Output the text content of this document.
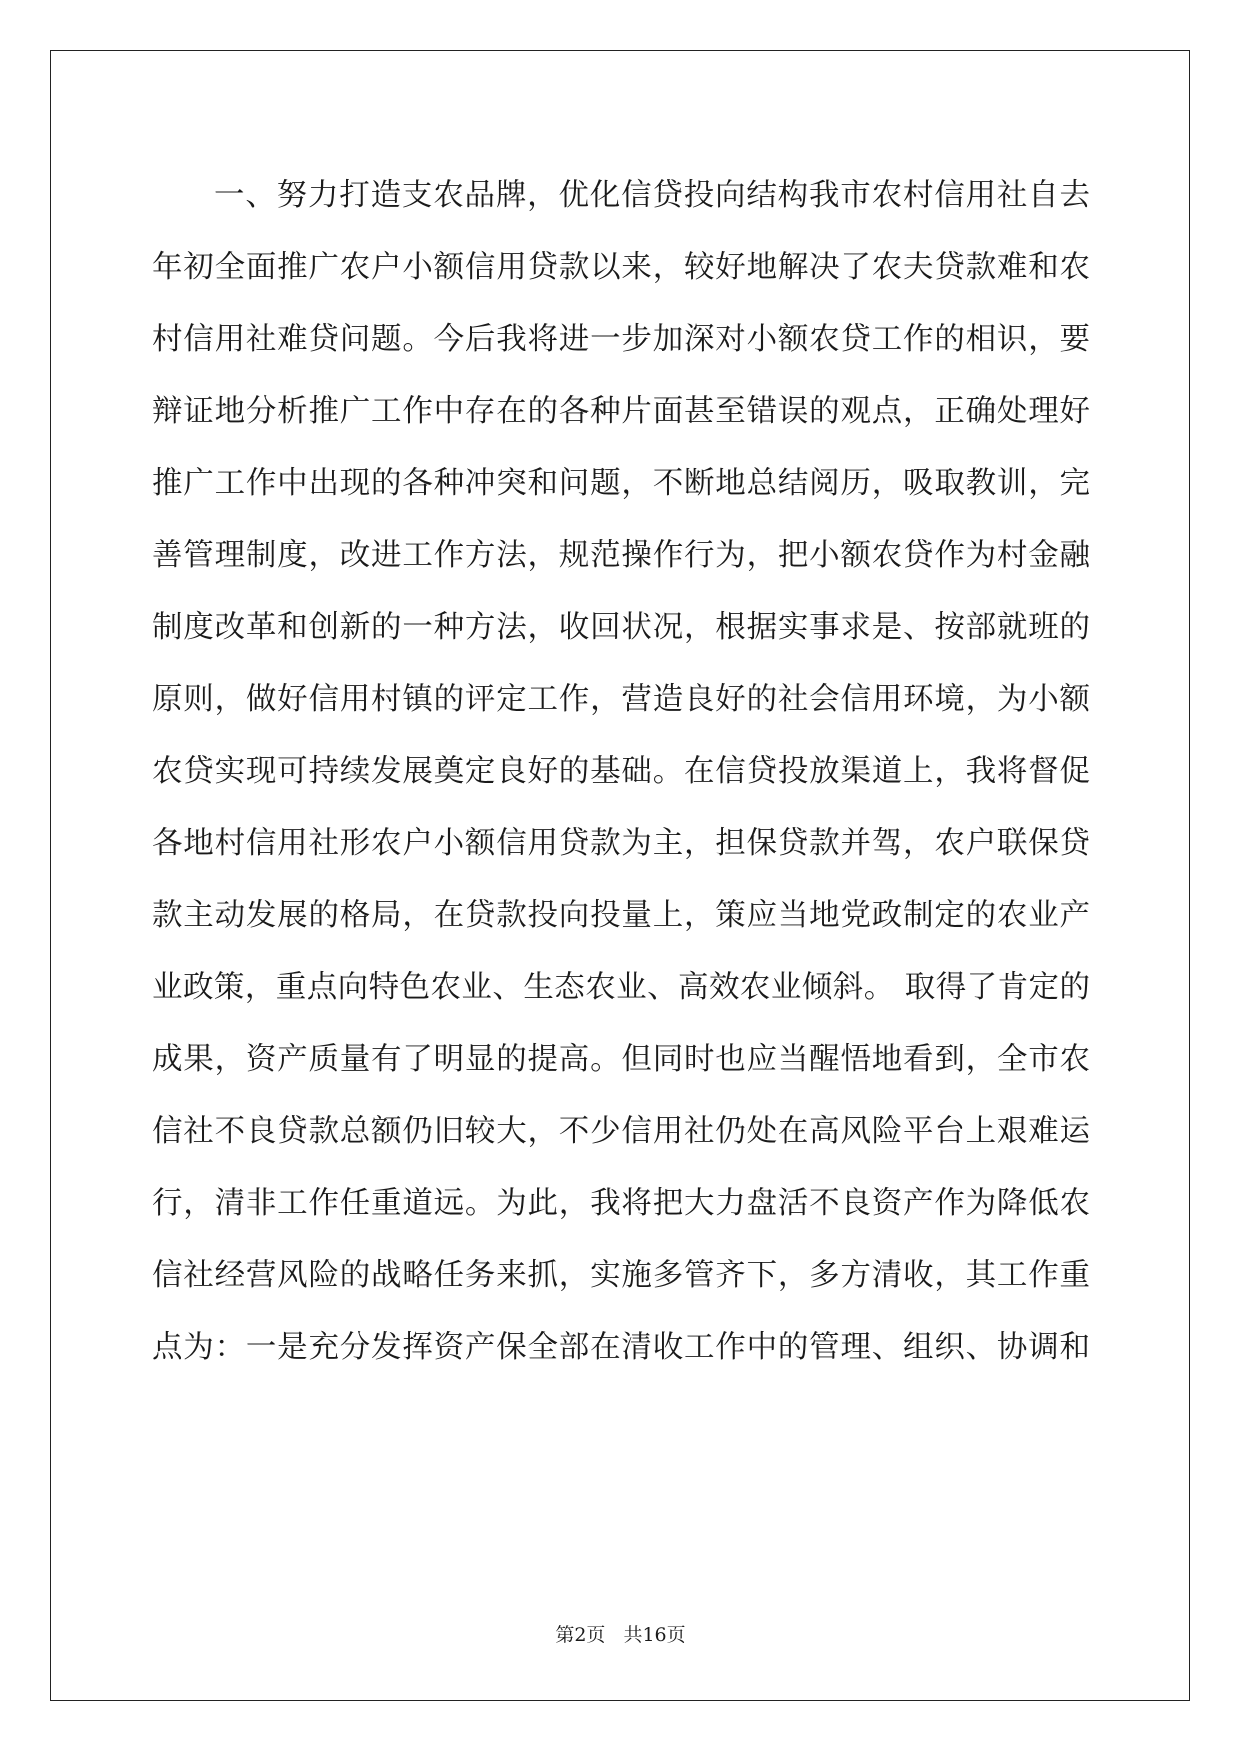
一、努力打造支农品牌，优化信贷投向结构我市农村信用社自去
年初全面推广农户小额信用贷款以来，较好地解决了农夫贷款难和农
村信用社难贷问题。今后我将进一步加深对小额农贷工作的相识，要
辩证地分析推广工作中存在的各种片面甚至错误的观点，正确处理好
推广工作中出现的各种冲突和问题，不断地总结阅历，吸取教训，完
善管理制度，改进工作方法，规范操作行为，把小额农贷作为村金融
制度改革和创新的一种方法，收回状况，根据实事求是、按部就班的
原则，做好信用村镇的评定工作，营造良好的社会信用环境，为小额
农贷实现可持续发展奠定良好的基础。在信贷投放渠道上，我将督促
各地村信用社形农户小额信用贷款为主，担保贷款并驾，农户联保贷
款主动发展的格局，在贷款投向投量上，策应当地党政制定的农业产
业政策，重点向特色农业、生态农业、高效农业倾斜。 取得了肯定的
成果，资产质量有了明显的提高。但同时也应当醒悟地看到，全市农
信社不良贷款总额仍旧较大，不少信用社仍处在高风险平台上艰难运
行，清非工作任重道远。为此，我将把大力盘活不良资产作为降低农
信社经营风险的战略任务来抓，实施多管齐下，多方清收，其工作重
点为：一是充分发挥资产保全部在清收工作中的管理、组织、协调和
第2页 共16页
